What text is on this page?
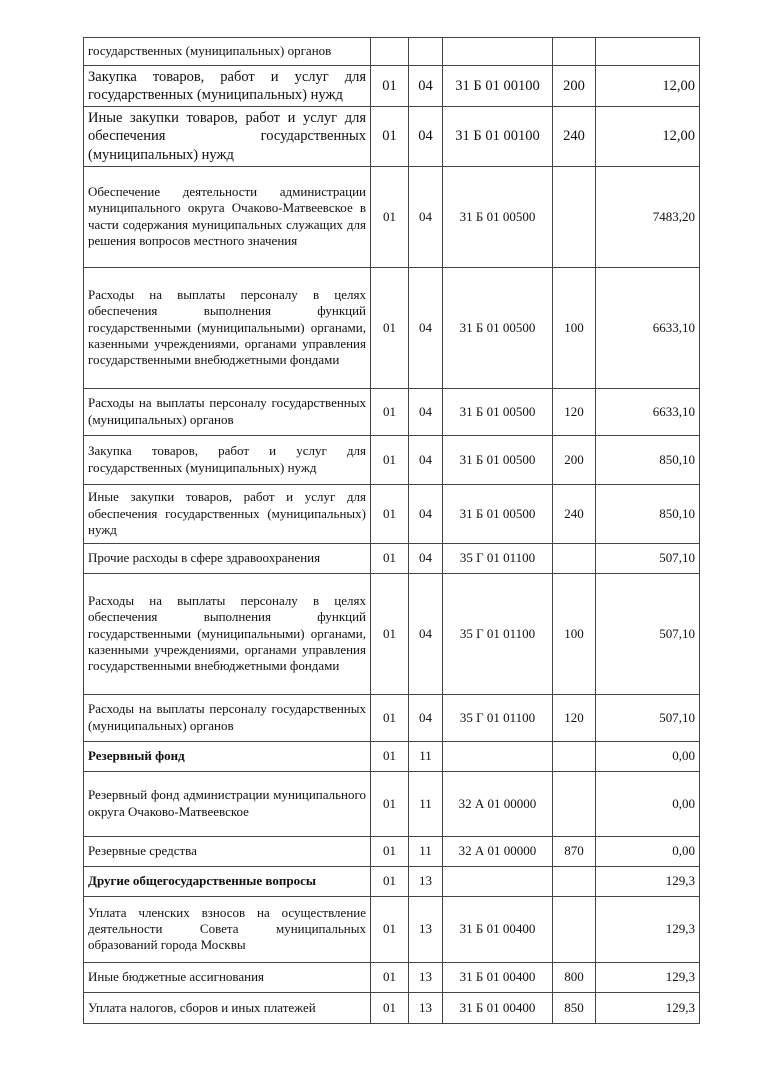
государственных (муниципальных) органов					
Закупка товаров, работ и услуг для государственных (муниципальных) нужд	01	04	31 Б 01 00100	200	12,00
Иные закупки товаров, работ и услуг для обеспечения государственных (муниципальных) нужд	01	04	31 Б 01 00100	240	12,00
Обеспечение деятельности администрации муниципального округа Очаково-Матвеевское в части содержания муниципальных служащих для решения вопросов местного значения	01	04	31 Б 01 00500		7483,20
Расходы на выплаты персоналу в целях обеспечения выполнения функций государственными (муниципальными) органами, казенными учреждениями, органами управления государственными внебюджетными фондами	01	04	31 Б 01 00500	100	6633,10
Расходы на выплаты персоналу государственных (муниципальных) органов	01	04	31 Б 01 00500	120	6633,10
Закупка товаров, работ и услуг для государственных (муниципальных) нужд	01	04	31 Б 01 00500	200	850,10
Иные закупки товаров, работ и услуг для обеспечения государственных (муниципальных) нужд	01	04	31 Б 01 00500	240	850,10
Прочие расходы в сфере здравоохранения	01	04	35 Г 01 01100		507,10
Расходы на выплаты персоналу в целях обеспечения выполнения функций государственными (муниципальными) органами, казенными учреждениями, органами управления государственными внебюджетными фондами	01	04	35 Г 01 01100	100	507,10
Расходы на выплаты персоналу государственных (муниципальных) органов	01	04	35 Г 01 01100	120	507,10
Резервный фонд	01	11			0,00
Резервный фонд администрации муниципального округа Очаково-Матвеевское	01	11	32 А 01 00000		0,00
Резервные средства	01	11	32 А 01 00000	870	0,00
Другие общегосударственные вопросы	01	13			129,3
Уплата членских взносов на осуществление деятельности Совета муниципальных образований города Москвы	01	13	31 Б 01 00400		129,3
Иные бюджетные ассигнования	01	13	31 Б 01 00400	800	129,3
Уплата налогов, сборов и иных платежей	01	13	31 Б 01 00400	850	129,3
